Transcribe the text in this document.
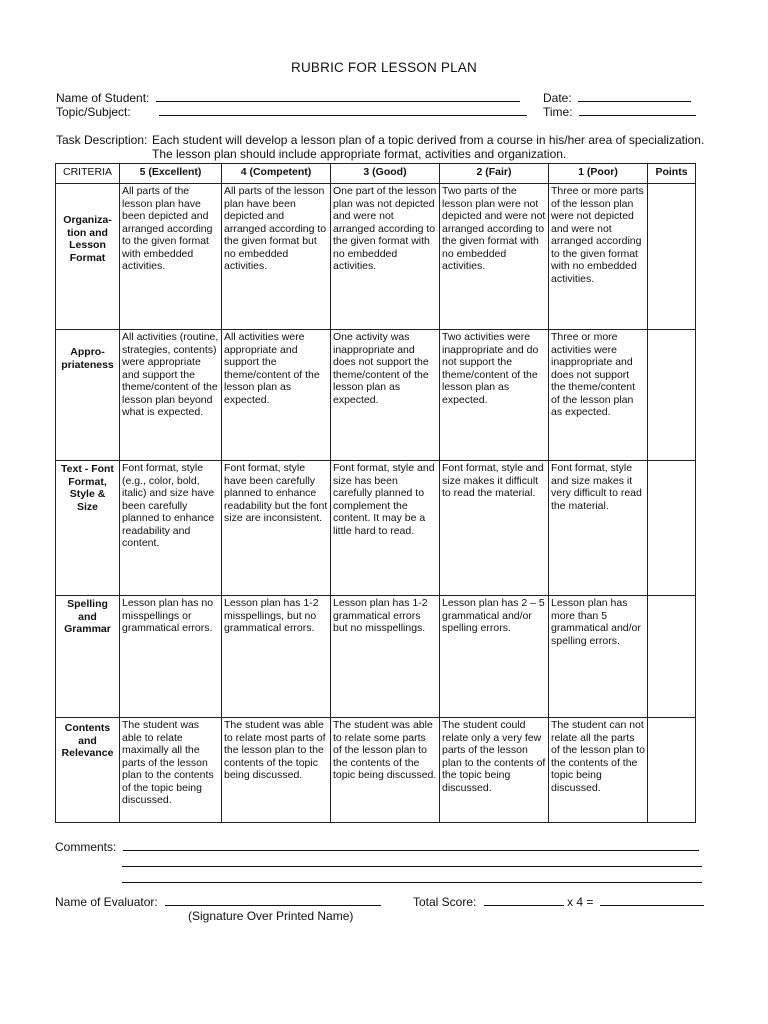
RUBRIC FOR LESSON PLAN
Name of Student:	Date:
Topic/Subject:	Time:
Task Description: Each student will develop a lesson plan of a topic derived from a course in his/her area of specialization. The lesson plan should include appropriate format, activities and organization.
CRITERIA	5 (Excellent)	4 (Competent)	3 (Good)	2 (Fair)	1 (Poor)	Points
Organiza-tion and Lesson Format	All parts of the lesson plan have been depicted and arranged according to the given format with embedded activities.	All parts of the lesson plan have been depicted and arranged according to the given format but no embedded activities.	One part of the lesson plan was not depicted and were not arranged according to the given format with no embedded activities.	Two parts of the lesson plan were not depicted and were not arranged according to the given format with no embedded activities.	Three or more parts of the lesson plan were not depicted and were not arranged according to the given format with no embedded activities.	
Appro-priateness	All activities (routine, strategies, contents) were appropriate and support the theme/content of the lesson plan beyond what is expected.	All activities were appropriate and support the theme/content of the lesson plan as expected.	One activity was inappropriate and does not support the theme/content of the lesson plan as expected.	Two activities were inappropriate and do not support the theme/content of the lesson plan as expected.	Three or more activities were inappropriate and does not support the theme/content of the lesson plan as expected.	
Text - Font Format, Style & Size	Font format, style (e.g., color, bold, italic) and size have been carefully planned to enhance readability and content.	Font format, style have been carefully planned to enhance readability but the font size are inconsistent.	Font format, style and size has been carefully planned to complement the content. It may be a little hard to read.	Font format, style and size makes it difficult to read the material.	Font format, style and size makes it very difficult to read the material.	
Spelling and Grammar	Lesson plan has no misspellings or grammatical errors.	Lesson plan has 1-2 misspellings, but no grammatical errors.	Lesson plan has 1-2 grammatical errors but no misspellings.	Lesson plan has 2 – 5 grammatical and/or spelling errors.	Lesson plan has more than 5 grammatical and/or spelling errors.	
Contents and Relevance	The student was able to relate maximally all the parts of the lesson plan to the contents of the topic being discussed.	The student was able to relate most parts of the lesson plan to the contents of the topic being discussed.	The student was able to relate some parts of the lesson plan to the contents of the topic being discussed.	The student could relate only a very few parts of the lesson plan to the contents of the topic being discussed.	The student can not relate all the parts of the lesson plan to the contents of the topic being discussed.	
Comments:
Name of Evaluator:
(Signature Over Printed Name)
Total Score:	x 4 =
